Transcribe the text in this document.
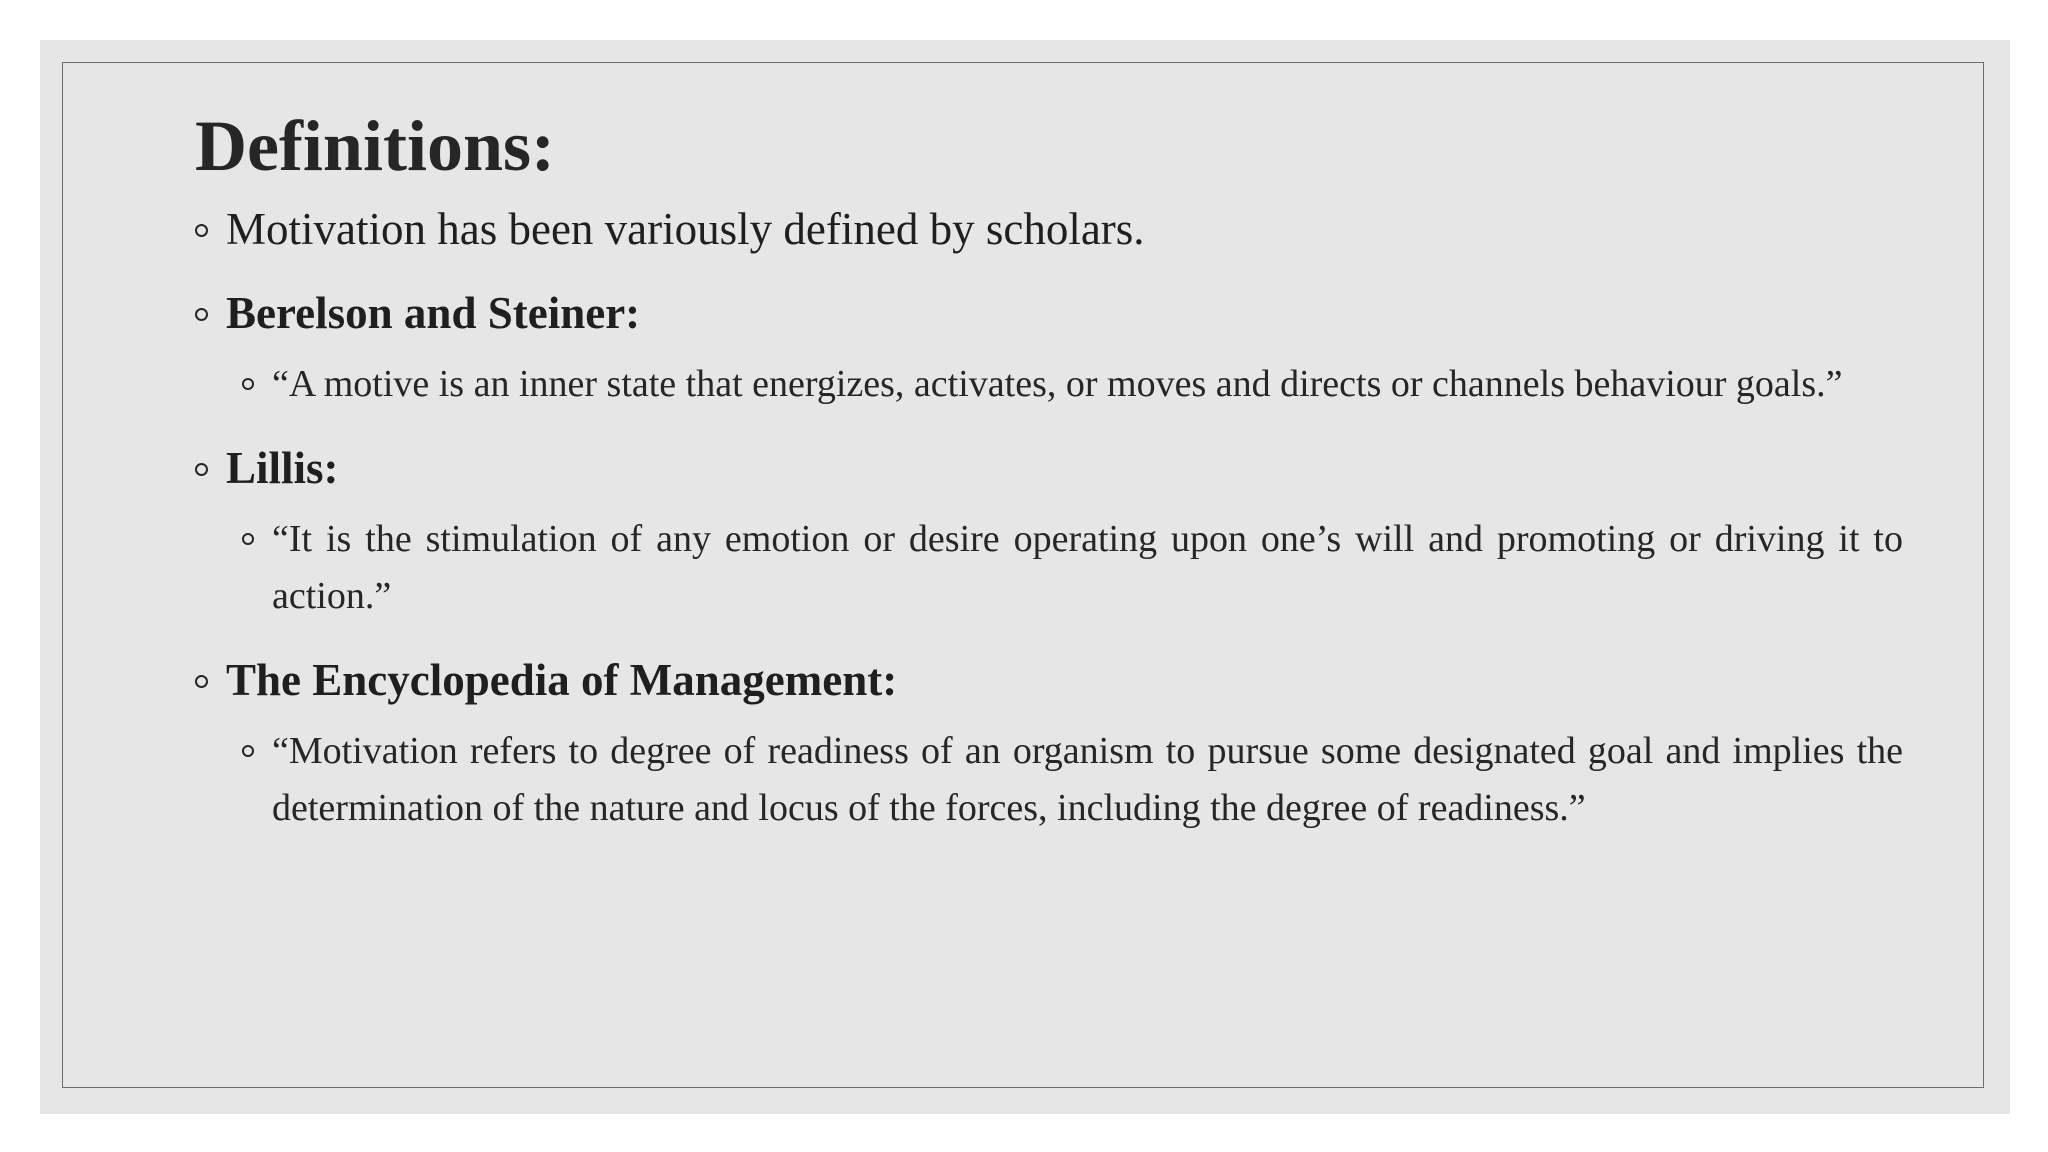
Definitions:
Motivation has been variously defined by scholars.
Berelson and Steiner:
“A motive is an inner state that energizes, activates, or moves and directs or channels behaviour goals.”
Lillis:
“It is the stimulation of any emotion or desire operating upon one’s will and promoting or driving it to action.”
The Encyclopedia of Management:
“Motivation refers to degree of readiness of an organism to pursue some designated goal and implies the determination of the nature and locus of the forces, including the degree of readiness.”
